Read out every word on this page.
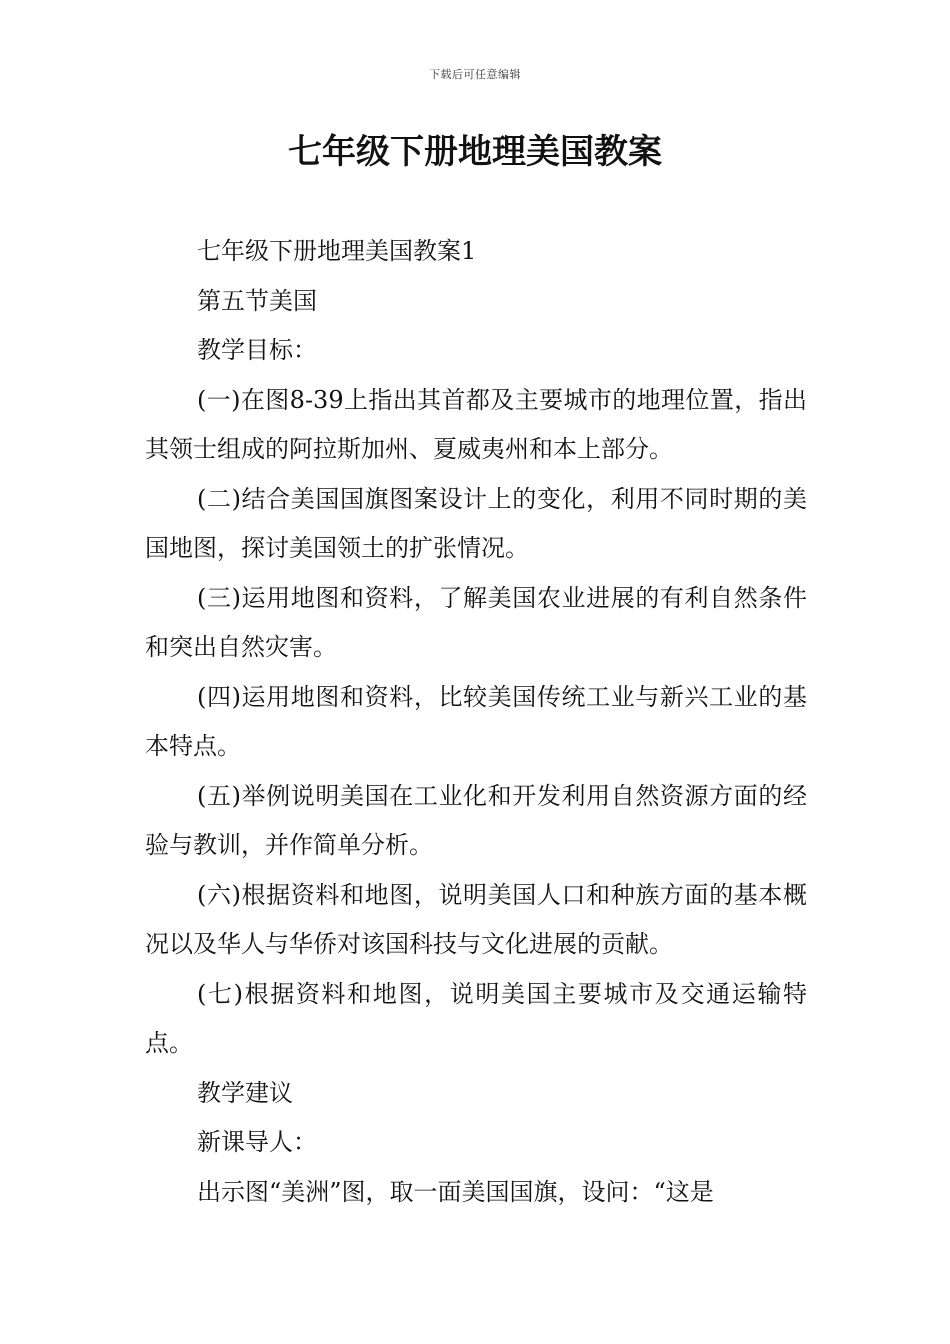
下载后可任意编辑
七年级下册地理美国教案

七年级下册地理美国教案1

第五节美国

教学目标：

(一)在图8-39上指出其首都及主要城市的地理位置，指出其领士组成的阿拉斯加州、夏威夷州和本上部分。

(二)结合美国国旗图案设计上的变化，利用不同时期的美国地图，探讨美国领土的扩张情况。

(三)运用地图和资料，了解美国农业进展的有利自然条件和突出自然灾害。

(四)运用地图和资料，比较美国传统工业与新兴工业的基本特点。

(五)举例说明美国在工业化和开发利用自然资源方面的经验与教训，并作简单分析。

(六)根据资料和地图，说明美国人口和种族方面的基本概况以及华人与华侨对该国科技与文化进展的贡献。

(七)根据资料和地图，说明美国主要城市及交通运输特点。

教学建议

新课导人：

出示图“美洲”图，取一面美国国旗，设问：“这是
